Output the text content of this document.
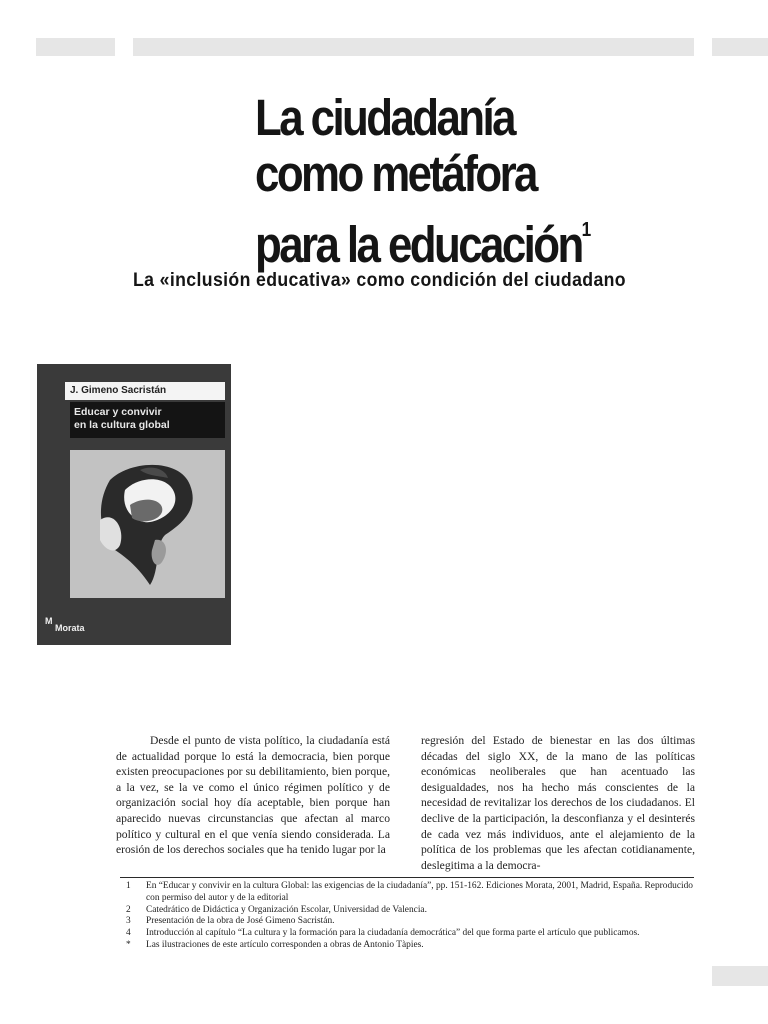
La ciudadanía
como metáfora
para la educación$^1$
La «inclusión educativa» como condición del ciudadano
J. Gimeno Sacristán
Educar y convivir
en la cultura global
M
Morata

Desde el punto de vista político, la ciudadanía está de actualidad porque lo está la democracia, bien porque existen preocupaciones por su debilitamiento, bien porque, a la vez, se la ve como el único régimen político y de organización social hoy día aceptable, bien porque han aparecido nuevas circunstancias que afectan al marco político y cultural en el que venía siendo considerada. La erosión de los derechos sociales que ha tenido lugar por la

regresión del Estado de bienestar en las dos últimas décadas del siglo XX, de la mano de las políticas económicas neoliberales que han acentuado las desigualdades, nos ha hecho más conscientes de la necesidad de revitalizar los derechos de los ciudadanos. El declive de la participación, la desconfianza y el desinterés de cada vez más individuos, ante el alejamiento de la política de los problemas que les afectan cotidianamente, deslegitima a la democra-

1	En “Educar y convivir en la cultura Global: las exigencias de la ciudadanía”, pp. 151-162. Ediciones Morata, 2001, Madrid, España. Reproducido con permiso del autor y de la editorial
2	Catedrático de Didáctica y Organización Escolar, Universidad de Valencia.
3	Presentación de la obra de José Gimeno Sacristán.
4	Introducción al capítulo “La cultura y la formación para la ciudadanía democrática” del que forma parte el artículo que publicamos.
*	Las ilustraciones de este artículo corresponden a obras de Antonio Tàpies.
